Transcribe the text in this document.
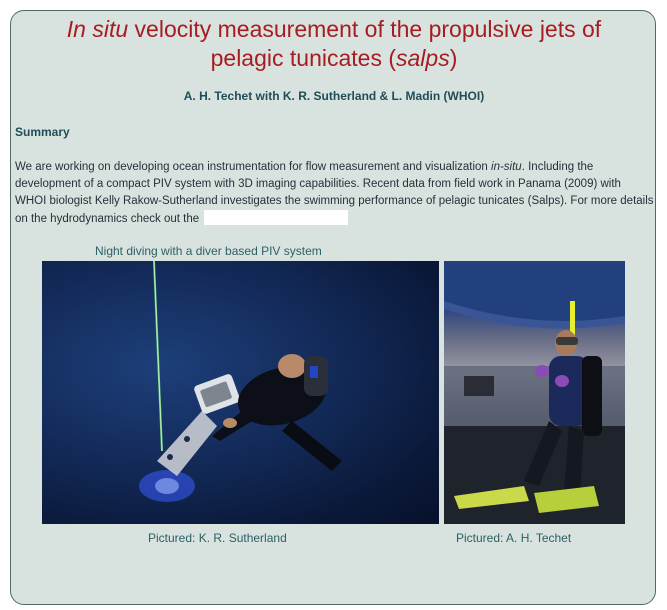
In situ velocity measurement of the propulsive jets of
pelagic tunicates (salps)
A. H. Techet with K. R. Sutherland & L. Madin (WHOI)
Summary
We are working on developing ocean instrumentation for flow measurement and visualization in-situ. Including the development of a compact PIV system with 3D imaging capabilities. Recent data from field work in Panama (2009) with WHOI biologist Kelly Rakow-Sutherland investigates the swimming performance of pelagic tunicates (Salps). For more details on the hydrodynamics check out the
Night diving with a diver based PIV system
Pictured: K. R. Sutherland	Pictured: A. H. Techet
